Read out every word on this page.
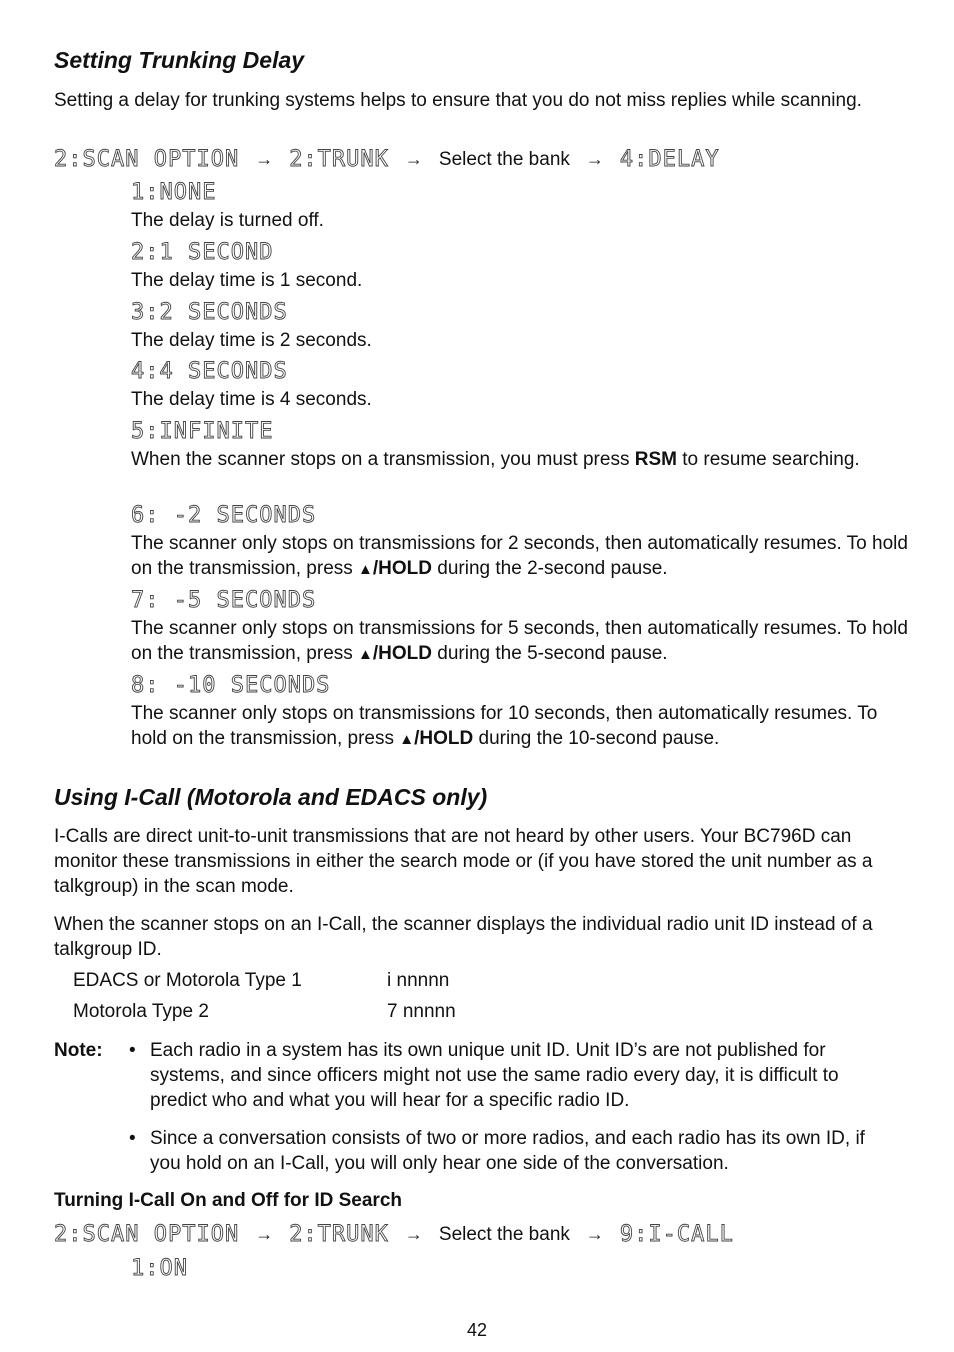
Setting Trunking Delay

Setting a delay for trunking systems helps to ensure that you do not miss replies while scanning.

2:SCAN OPTION → 2:TRUNK → Select the bank → 4:DELAY
1:NONE

The delay is turned off.

2:1 SECOND

The delay time is 1 second.

3:2 SECONDS

The delay time is 2 seconds.

4:4 SECONDS

The delay time is 4 seconds.

5:INFINITE

When the scanner stops on a transmission, you must press RSM to resume searching.

6: -2 SECONDS

The scanner only stops on transmissions for 2 seconds, then automatically resumes. To hold on the transmission, press ▲/HOLD during the 2-second pause.

7: -5 SECONDS

The scanner only stops on transmissions for 5 seconds, then automatically resumes. To hold on the transmission, press ▲/HOLD during the 5-second pause.

8: -10 SECONDS

The scanner only stops on transmissions for 10 seconds, then automatically resumes. To hold on the transmission, press ▲/HOLD during the 10-second pause.

Using I-Call (Motorola and EDACS only)

I-Calls are direct unit-to-unit transmissions that are not heard by other users. Your BC796D can monitor these transmissions in either the search mode or (if you have stored the unit number as a talkgroup) in the scan mode.

When the scanner stops on an I-Call, the scanner displays the individual radio unit ID instead of a talkgroup ID.

EDACS or Motorola Type 1	i nnnnn
Motorola Type 2	7 nnnnn
Note: • Each radio in a system has its own unique unit ID. Unit ID’s are not published for systems, and since officers might not use the same radio every day, it is difficult to predict who and what you will hear for a specific radio ID.

• Since a conversation consists of two or more radios, and each radio has its own ID, if you hold on an I-Call, you will only hear one side of the conversation.

Turning I-Call On and Off for ID Search
2:SCAN OPTION → 2:TRUNK → Select the bank → 9:I-CALL
1:ON
42
